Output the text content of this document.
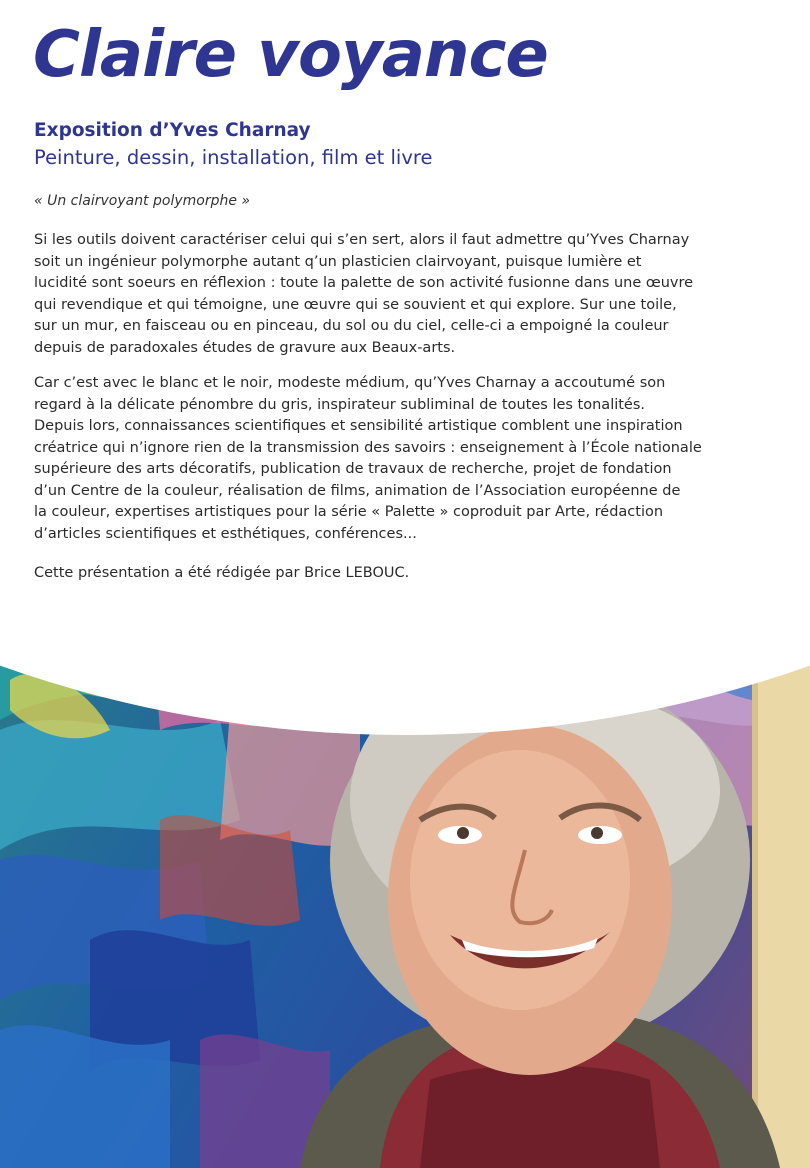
Claire voyance

Exposition d’Yves Charnay

Peinture, dessin, installation, film et livre

« Un clairvoyant polymorphe »

Si les outils doivent caractériser celui qui s’en sert, alors il faut admettre qu’Yves Charnay
soit un ingénieur polymorphe autant q’un plasticien clairvoyant, puisque lumière et
lucidité sont soeurs en réflexion : toute la palette de son activité fusionne dans une œuvre
qui revendique et qui témoigne, une œuvre qui se souvient et qui explore. Sur une toile,
sur un mur, en faisceau ou en pinceau, du sol ou du ciel, celle-ci a empoigné la couleur
depuis de paradoxales études de gravure aux Beaux-arts.
Car c’est avec le blanc et le noir, modeste médium, qu’Yves Charnay a accoutumé son
regard à la délicate pénombre du gris, inspirateur subliminal de toutes les tonalités.
Depuis lors, connaissances scientifiques et sensibilité artistique comblent une inspiration
créatrice qui n’ignore rien de la transmission des savoirs : enseignement à l’École nationale
supérieure des arts décoratifs, publication de travaux de recherche, projet de fondation
d’un Centre de la couleur, réalisation de films, animation de l’Association européenne de
la couleur, expertises artistiques pour la série « Palette » coproduit par Arte, rédaction
d’articles scientifiques et esthétiques, conférences...

Cette présentation a été rédigée par Brice LEBOUC.
